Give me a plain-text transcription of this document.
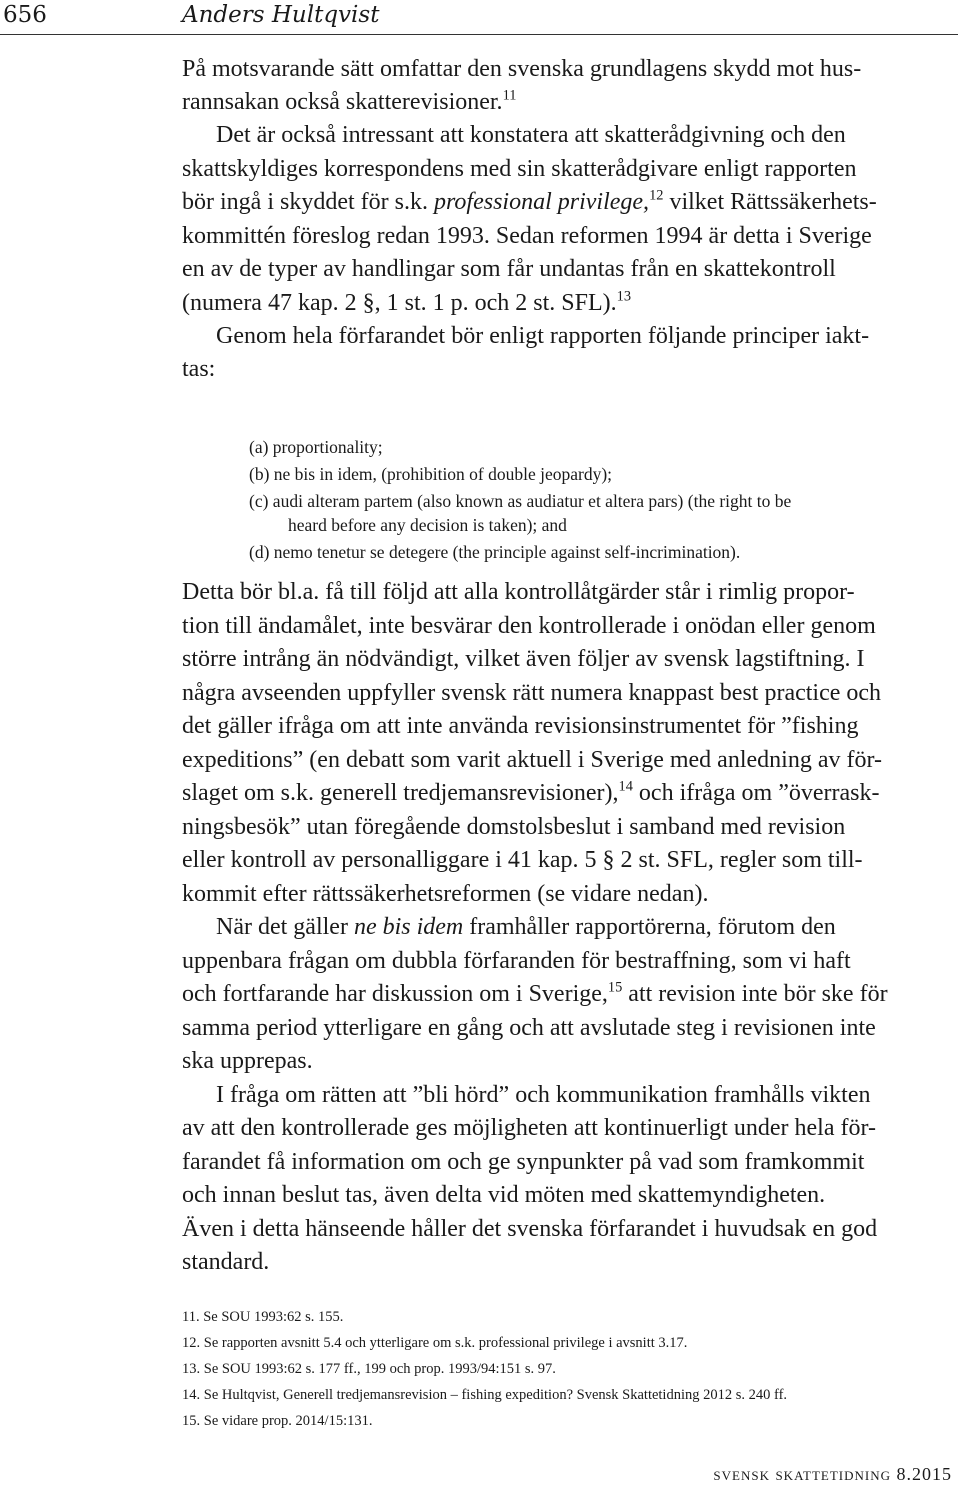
656	Anders Hultqvist
På motsvarande sätt omfattar den svenska grundlagens skydd mot hus-
rannsakan också skatterevisioner.$^{11}$
Det är också intressant att konstatera att skatterådgivning och den
skattskyldiges korrespondens med sin skatterådgivare enligt rapporten
bör ingå i skyddet för s.k. professional privilege,$^{12}$ vilket Rättssäkerhets-
kommittén föreslog redan 1993. Sedan reformen 1994 är detta i Sverige
en av de typer av handlingar som får undantas från en skattekontroll
(numera 47 kap. 2 §, 1 st. 1 p. och 2 st. SFL).$^{13}$
Genom hela förfarandet bör enligt rapporten följande principer iakt-
tas:
(a) proportionality;
(b) ne bis in idem, (prohibition of double jeopardy);
(c) audi alteram partem (also known as audiatur et altera pars) (the right to be
heard before any decision is taken); and
(d) nemo tenetur se detegere (the principle against self-incrimination).
Detta bör bl.a. få till följd att alla kontrollåtgärder står i rimlig propor-
tion till ändamålet, inte besvärar den kontrollerade i onödan eller genom
större intrång än nödvändigt, vilket även följer av svensk lagstiftning. I
några avseenden uppfyller svensk rätt numera knappast best practice och
det gäller ifråga om att inte använda revisionsinstrumentet för ”fishing
expeditions” (en debatt som varit aktuell i Sverige med anledning av för-
slaget om s.k. generell tredjemansrevisioner),$^{14}$ och ifråga om ”överrask-
ningsbesök” utan föregående domstolsbeslut i samband med revision
eller kontroll av personalliggare i 41 kap. 5 § 2 st. SFL, regler som till-
kommit efter rättssäkerhetsreformen (se vidare nedan).
När det gäller ne bis idem framhåller rapportörerna, förutom den
uppenbara frågan om dubbla förfaranden för bestraffning, som vi haft
och fortfarande har diskussion om i Sverige,$^{15}$ att revision inte bör ske för
samma period ytterligare en gång och att avslutade steg i revisionen inte
ska upprepas.
I fråga om rätten att ”bli hörd” och kommunikation framhålls vikten
av att den kontrollerade ges möjligheten att kontinuerligt under hela för-
farandet få information om och ge synpunkter på vad som framkommit
och innan beslut tas, även delta vid möten med skattemyndigheten.
Även i detta hänseende håller det svenska förfarandet i huvudsak en god
standard.
11. Se SOU 1993:62 s. 155.
12. Se rapporten avsnitt 5.4 och ytterligare om s.k. professional privilege i avsnitt 3.17.
13. Se SOU 1993:62 s. 177 ff., 199 och prop. 1993/94:151 s. 97.
14. Se Hultqvist, Generell tredjemansrevision – fishing expedition? Svensk Skattetidning 2012 s. 240 ff.
15. Se vidare prop. 2014/15:131.
svensk skattetidning 8.2015
